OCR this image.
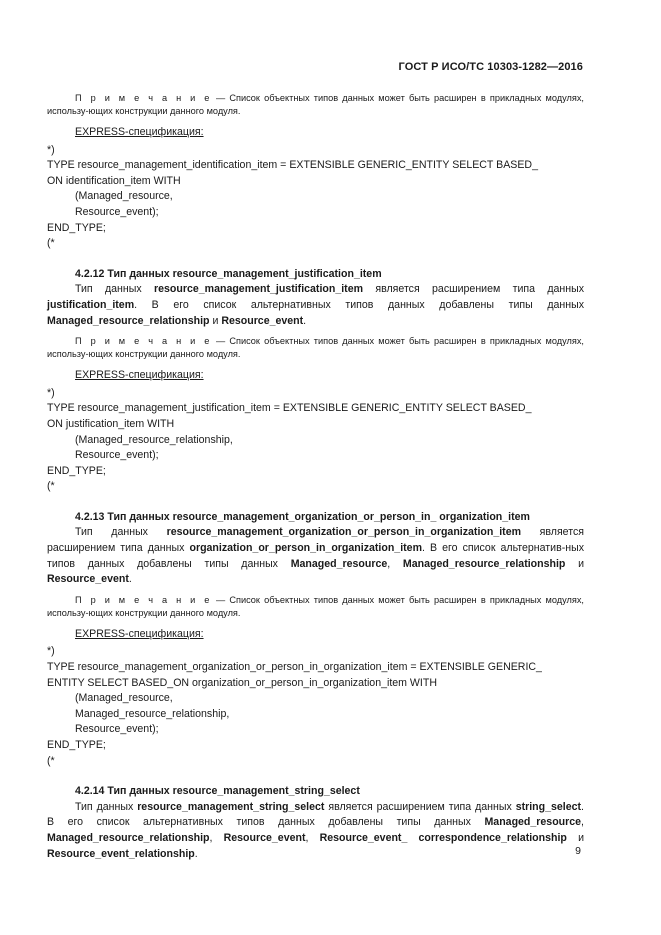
ГОСТ Р ИСО/ТС 10303-1282—2016

П р и м е ч а н и е — Список объектных типов данных может быть расширен в прикладных модулях, использу-ющих конструкции данного модуля.

EXPRESS-спецификация:
*)
TYPE resource_management_identification_item = EXTENSIBLE GENERIC_ENTITY SELECT BASED_
ON identification_item WITH
(Managed_resource,
Resource_event);
END_TYPE;
(*
4.2.12 Тип данных resource_management_justification_item

Тип данных resource_management_justification_item является расширением типа данных justification_item. В его список альтернативных типов данных добавлены типы данных Managed_resource_relationship и Resource_event.

П р и м е ч а н и е — Список объектных типов данных может быть расширен в прикладных модулях, использу-ющих конструкции данного модуля.

EXPRESS-спецификация:
*)
TYPE resource_management_justification_item = EXTENSIBLE GENERIC_ENTITY SELECT BASED_
ON justification_item WITH
(Managed_resource_relationship,
Resource_event);
END_TYPE;
(*
4.2.13 Тип данных resource_management_organization_or_person_in_ organization_item

Тип данных resource_management_organization_or_person_in_organization_item является расширением типа данных organization_or_person_in_organization_item. В его список альтернатив-ных типов данных добавлены типы данных Managed_resource, Managed_resource_relationship и Resource_event.

П р и м е ч а н и е — Список объектных типов данных может быть расширен в прикладных модулях, использу-ющих конструкции данного модуля.

EXPRESS-спецификация:
*)
TYPE resource_management_organization_or_person_in_organization_item = EXTENSIBLE GENERIC_
ENTITY SELECT BASED_ON organization_or_person_in_organization_item WITH
(Managed_resource,
Managed_resource_relationship,
Resource_event);
END_TYPE;
(*
4.2.14 Тип данных resource_management_string_select

Тип данных resource_management_string_select является расширением типа данных string_select. В его список альтернативных типов данных добавлены типы данных Managed_resource, Managed_resource_relationship, Resource_event, Resource_event_ correspondence_relationship и Resource_event_relationship.	9
